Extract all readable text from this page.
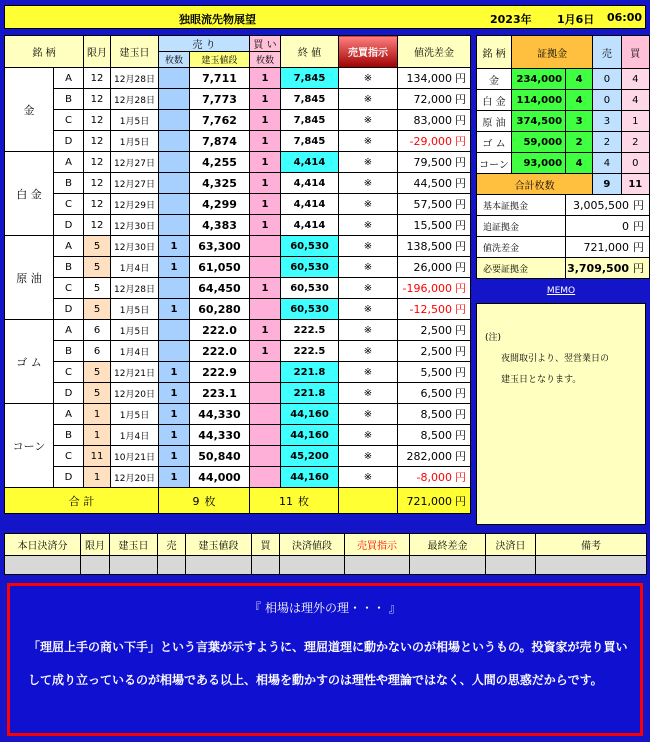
独眼流先物展望	2023年 1月6日 06:00
銘 柄		限月	建玉日	売 り		買 い	終 値	売買指示	値洗差金
				枚数	建玉値段	枚数			
金	A	12	12月28日		7,711	1	7,845	※	134,000 円
	B	12	12月28日		7,773	1	7,845	※	72,000 円
	C	12	1月5日		7,762	1	7,845	※	83,000 円
	D	12	1月5日		7,874	1	7,845	※	-29,000 円
白 金	A	12	12月27日		4,255	1	4,414	※	79,500 円
	B	12	12月27日		4,325	1	4,414	※	44,500 円
	C	12	12月29日		4,299	1	4,414	※	57,500 円
	D	12	12月30日		4,383	1	4,414	※	15,500 円
原 油	A	5	12月30日	1	63,300		60,530	※	138,500 円
	B	5	1月4日	1	61,050		60,530	※	26,000 円
	C	5	12月28日		64,450	1	60,530	※	-196,000 円
	D	5	1月5日	1	60,280		60,530	※	-12,500 円
ゴ ム	A	6	1月5日		222.0	1	222.5	※	2,500 円
	B	6	1月4日		222.0	1	222.5	※	2,500 円
	C	5	12月21日	1	222.9		221.8	※	5,500 円
	D	5	12月20日	1	223.1		221.8	※	6,500 円
コーン	A	1	1月5日	1	44,330		44,160	※	8,500 円
	B	1	1月4日	1	44,330		44,160	※	8,500 円
	C	11	10月21日	1	50,840		45,200	※	282,000 円
	D	1	12月20日	1	44,000		44,160	※	-8,000 円
合 計				9 枚		11 枚			721,000 円
銘 柄	証拠金		売	買
金	234,000	4	0	4
白 金	114,000	4	0	4
原 油	374,500	3	3	1
ゴ ム	59,000	2	2	2
コーン	93,000	4	4	0
合計枚数			9	11
基本証拠金		3,005,500 円		
追証拠金		0 円		
値洗差金		721,000 円		
必要証拠金		3,709,500 円		
MEMO
(注)
夜間取引より、翌営業日の
建玉日となります。
本日決済分	限月	建玉日	売	建玉値段	買	決済値段	売買指示	最終差金	決済日	備考

『 相場は理外の理・・・ 』
「理屈上手の商い下手」という言葉が示すように、理屈道理に動かないのが相場というもの。投資家が売り買いして成り立っているのが相場である以上、相場を動かすのは理性や理論ではなく、人間の思惑だからです。
